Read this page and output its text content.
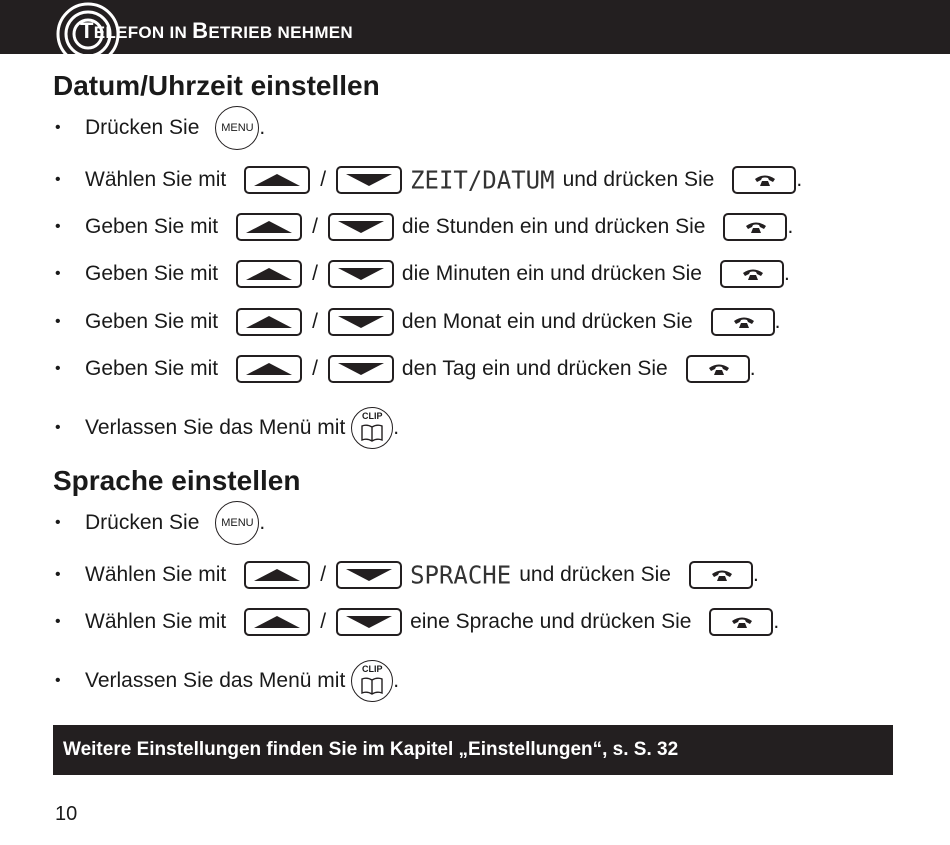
TELEFON IN BETRIEB NEHMEN
Datum/Uhrzeit einstellen
•	Drücken Sie	MENU .
•	Wählen Sie mit	/	ZEIT/DATUM und drücken Sie	.
•	Geben Sie mit	/	die Stunden ein und drücken Sie	.
•	Geben Sie mit	/	die Minuten ein und drücken Sie	.
•	Geben Sie mit	/	den Monat ein und drücken Sie	.
•	Geben Sie mit	/	den Tag ein und drücken Sie	.
•	Verlassen Sie das Menü mit	CLIP .
Sprache einstellen
•	Drücken Sie	MENU .
•	Wählen Sie mit	/	SPRACHE und drücken Sie	.
•	Wählen Sie mit	/	eine Sprache und drücken Sie	.
•	Verlassen Sie das Menü mit	CLIP .
Weitere Einstellungen finden Sie im Kapitel „Einstellungen“, s. S. 32
10
